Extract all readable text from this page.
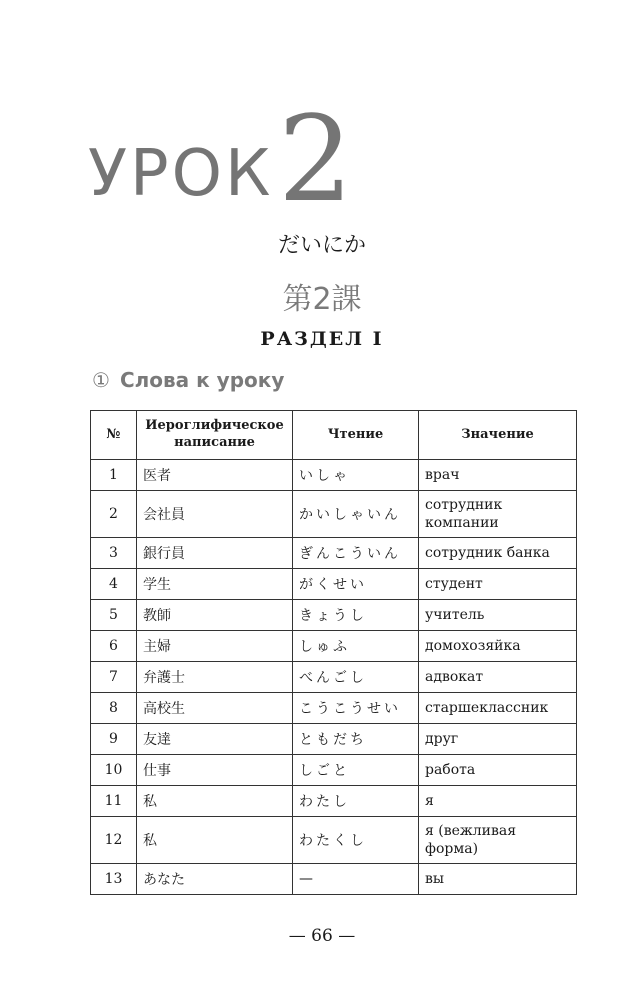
УРОК 2
だいにか
第2課
РАЗДЕЛ I
① Слова к уроку
№	Иероглифическое написание	Чтение	Значение
1	医者	いしゃ	врач
2	会社員	かいしゃいん	сотрудник компании
3	銀行員	ぎんこういん	сотрудник банка
4	学生	がくせい	студент
5	教師	きょうし	учитель
6	主婦	しゅふ	домохозяйка
7	弁護士	べんごし	адвокат
8	高校生	こうこうせい	старшеклассник
9	友達	ともだち	друг
10	仕事	しごと	работа
11	私	わたし	я
12	私	わたくし	я (вежливая форма)
13	あなた	—	вы
— 66 —
